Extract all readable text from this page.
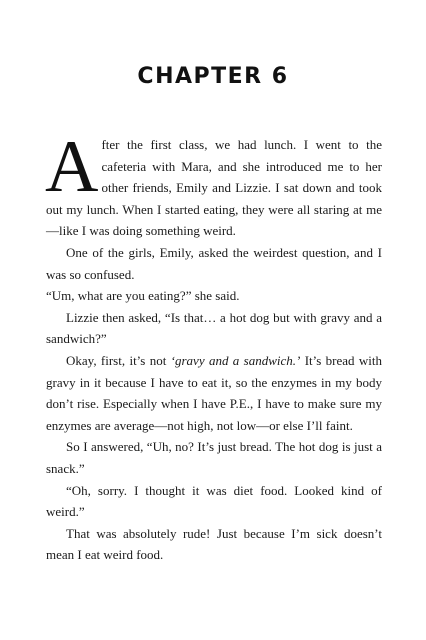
CHAPTER 6

After the first class, we had lunch. I went to the cafeteria with Mara, and she introduced me to her other friends, Emily and Lizzie. I sat down and took out my lunch. When I started eating, they were all staring at me—like I was doing something weird.

One of the girls, Emily, asked the weirdest question, and I was so confused.

“Um, what are you eating?” she said.

Lizzie then asked, “Is that… a hot dog but with gravy and a sandwich?”

Okay, first, it’s not ‘gravy and a sandwich.’ It’s bread with gravy in it because I have to eat it, so the enzymes in my body don’t rise. Especially when I have P.E., I have to make sure my enzymes are average—not high, not low—or else I’ll faint.

So I answered, “Uh, no? It’s just bread. The hot dog is just a snack.”

“Oh, sorry. I thought it was diet food. Looked kind of weird.”

That was absolutely rude! Just because I’m sick doesn’t mean I eat weird food.
